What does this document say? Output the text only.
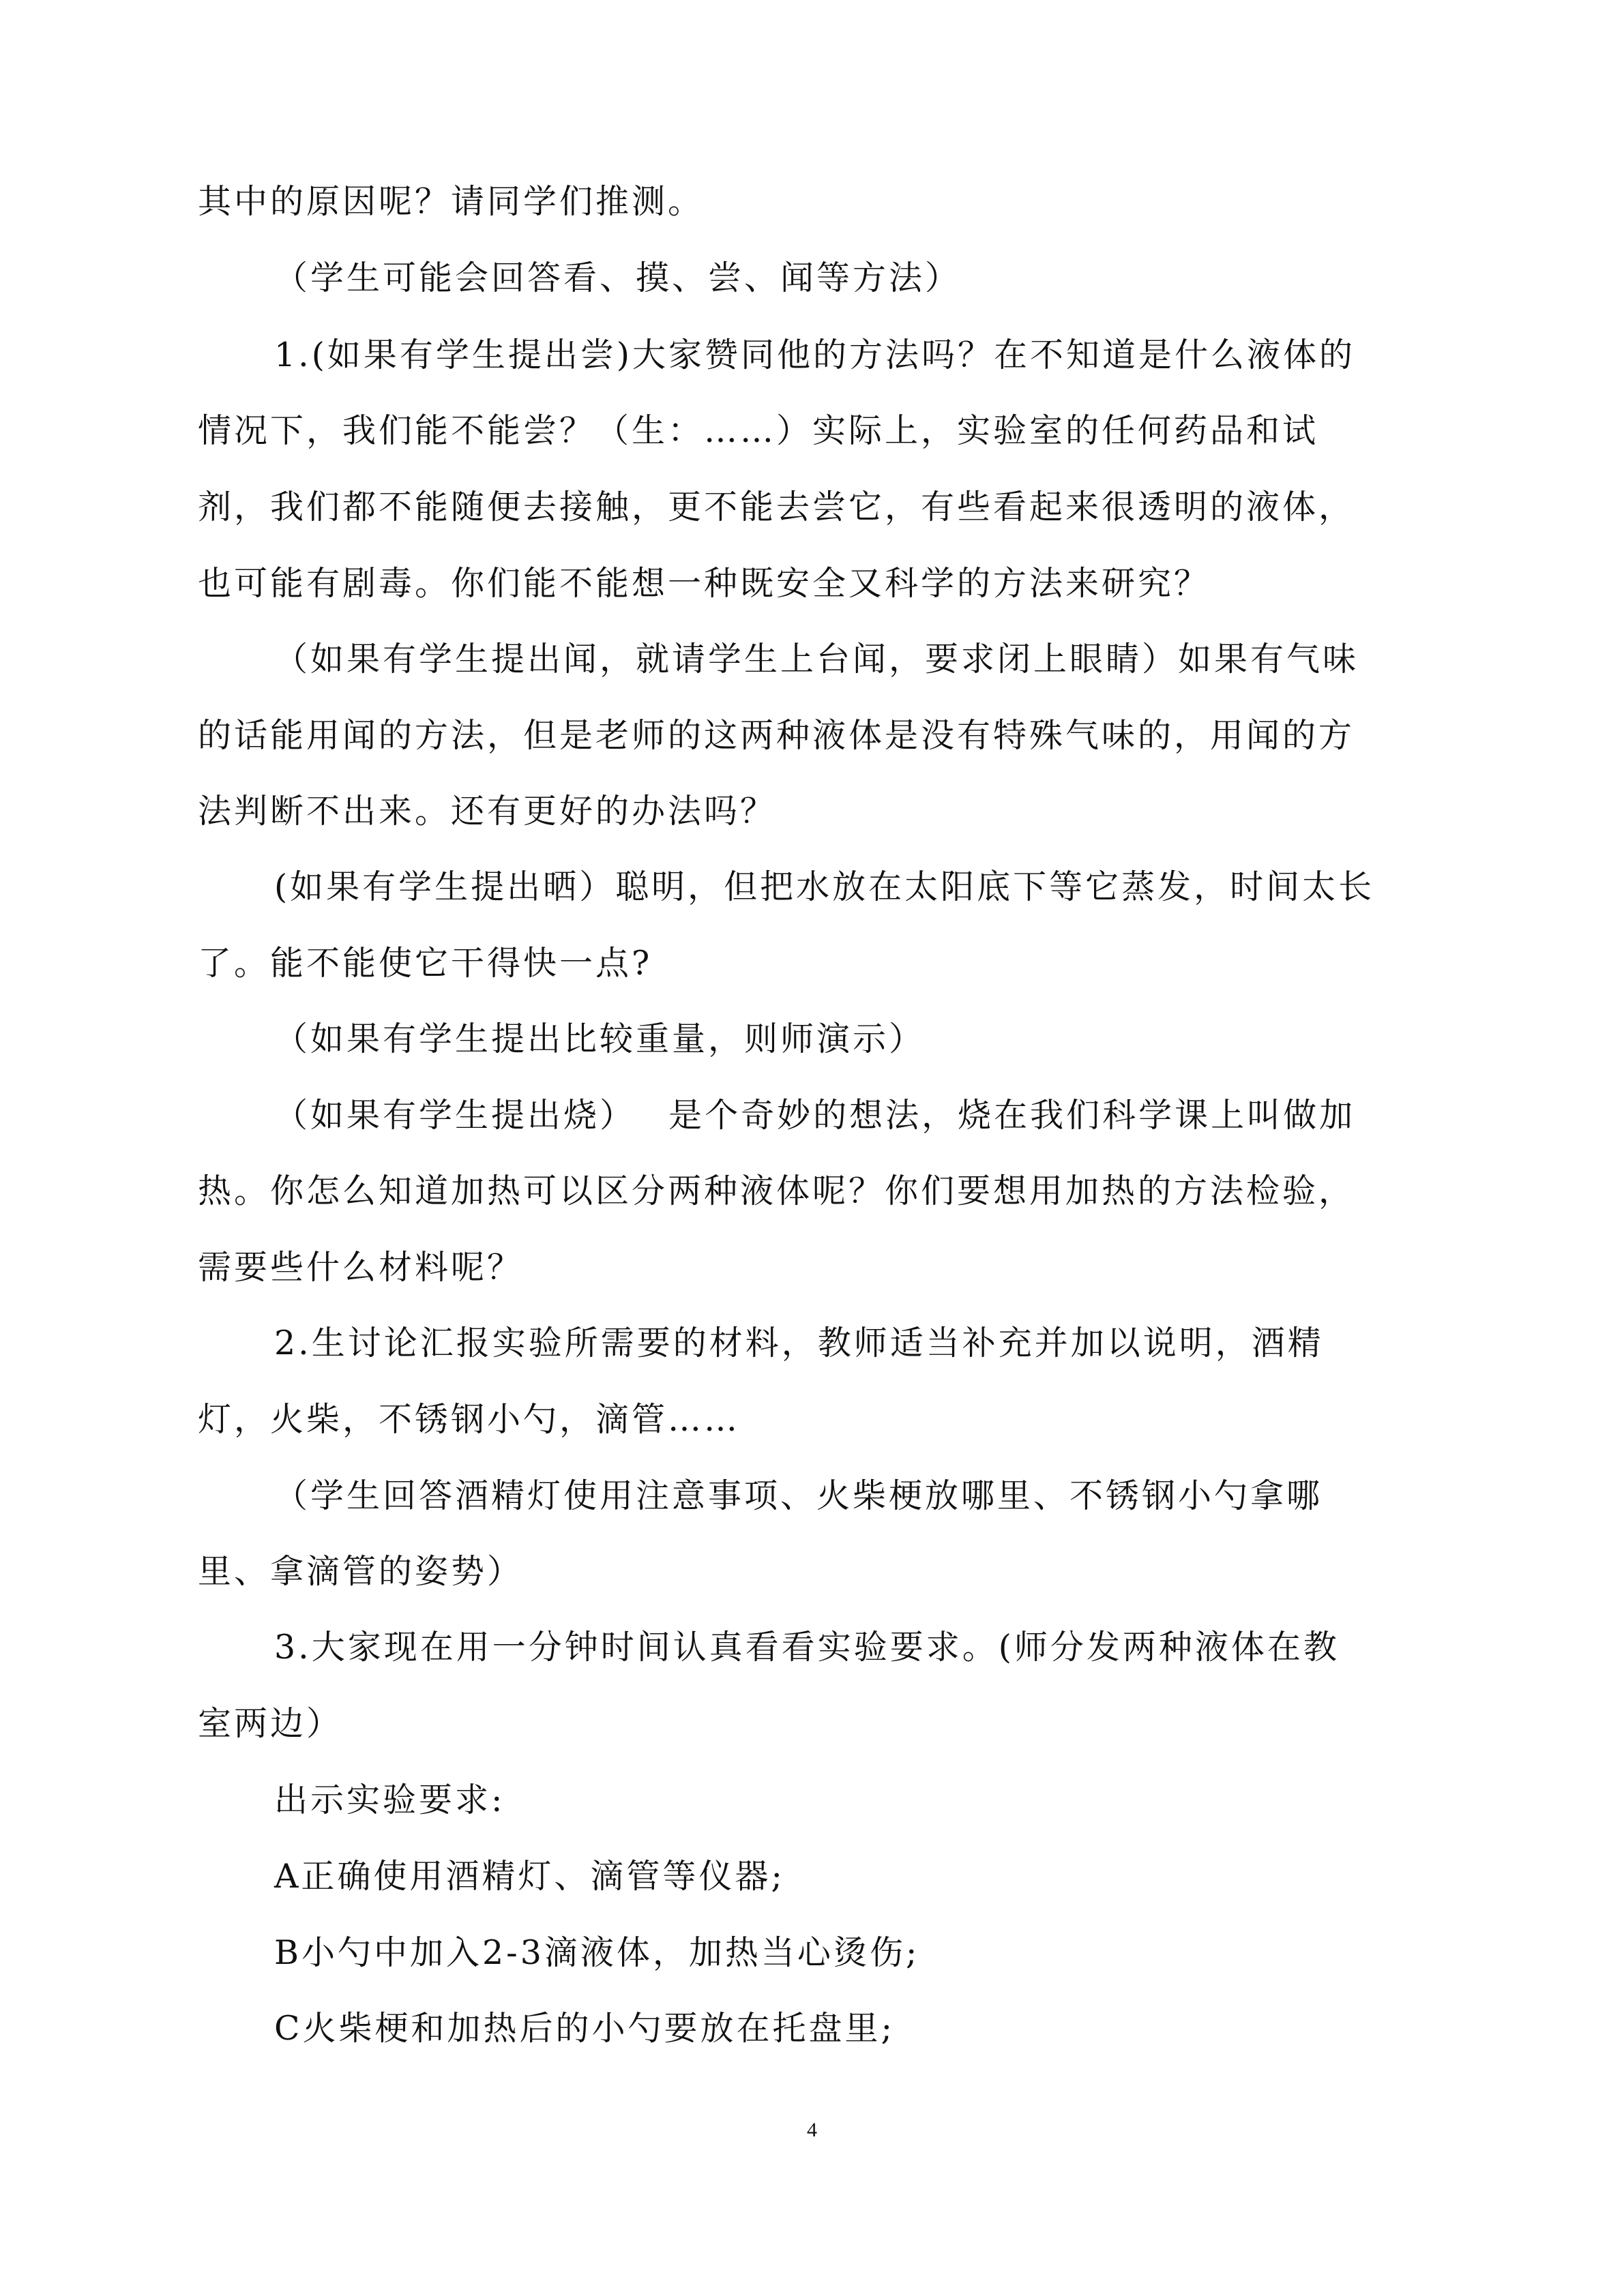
其中的原因呢？请同学们推测。
（学生可能会回答看、摸、尝、闻等方法）
1.(如果有学生提出尝)大家赞同他的方法吗？在不知道是什么液体的
情况下，我们能不能尝？（生：……）实际上，实验室的任何药品和试
剂，我们都不能随便去接触，更不能去尝它，有些看起来很透明的液体，
也可能有剧毒。你们能不能想一种既安全又科学的方法来研究？
（如果有学生提出闻，就请学生上台闻，要求闭上眼睛）如果有气味
的话能用闻的方法，但是老师的这两种液体是没有特殊气味的，用闻的方
法判断不出来。还有更好的办法吗？
(如果有学生提出晒）聪明，但把水放在太阳底下等它蒸发，时间太长
了。能不能使它干得快一点?
（如果有学生提出比较重量，则师演示）
（如果有学生提出烧）　 是个奇妙的想法，烧在我们科学课上叫做加
热。你怎么知道加热可以区分两种液体呢？你们要想用加热的方法检验，
需要些什么材料呢？
2.生讨论汇报实验所需要的材料，教师适当补充并加以说明，酒精
灯，火柴，不锈钢小勺，滴管……
（学生回答酒精灯使用注意事项、火柴梗放哪里、不锈钢小勺拿哪
里、拿滴管的姿势）
3.大家现在用一分钟时间认真看看实验要求。(师分发两种液体在教
室两边）
出示实验要求:
A正确使用酒精灯、滴管等仪器;
B小勺中加入2-3滴液体，加热当心烫伤;
C火柴梗和加热后的小勺要放在托盘里;
4
